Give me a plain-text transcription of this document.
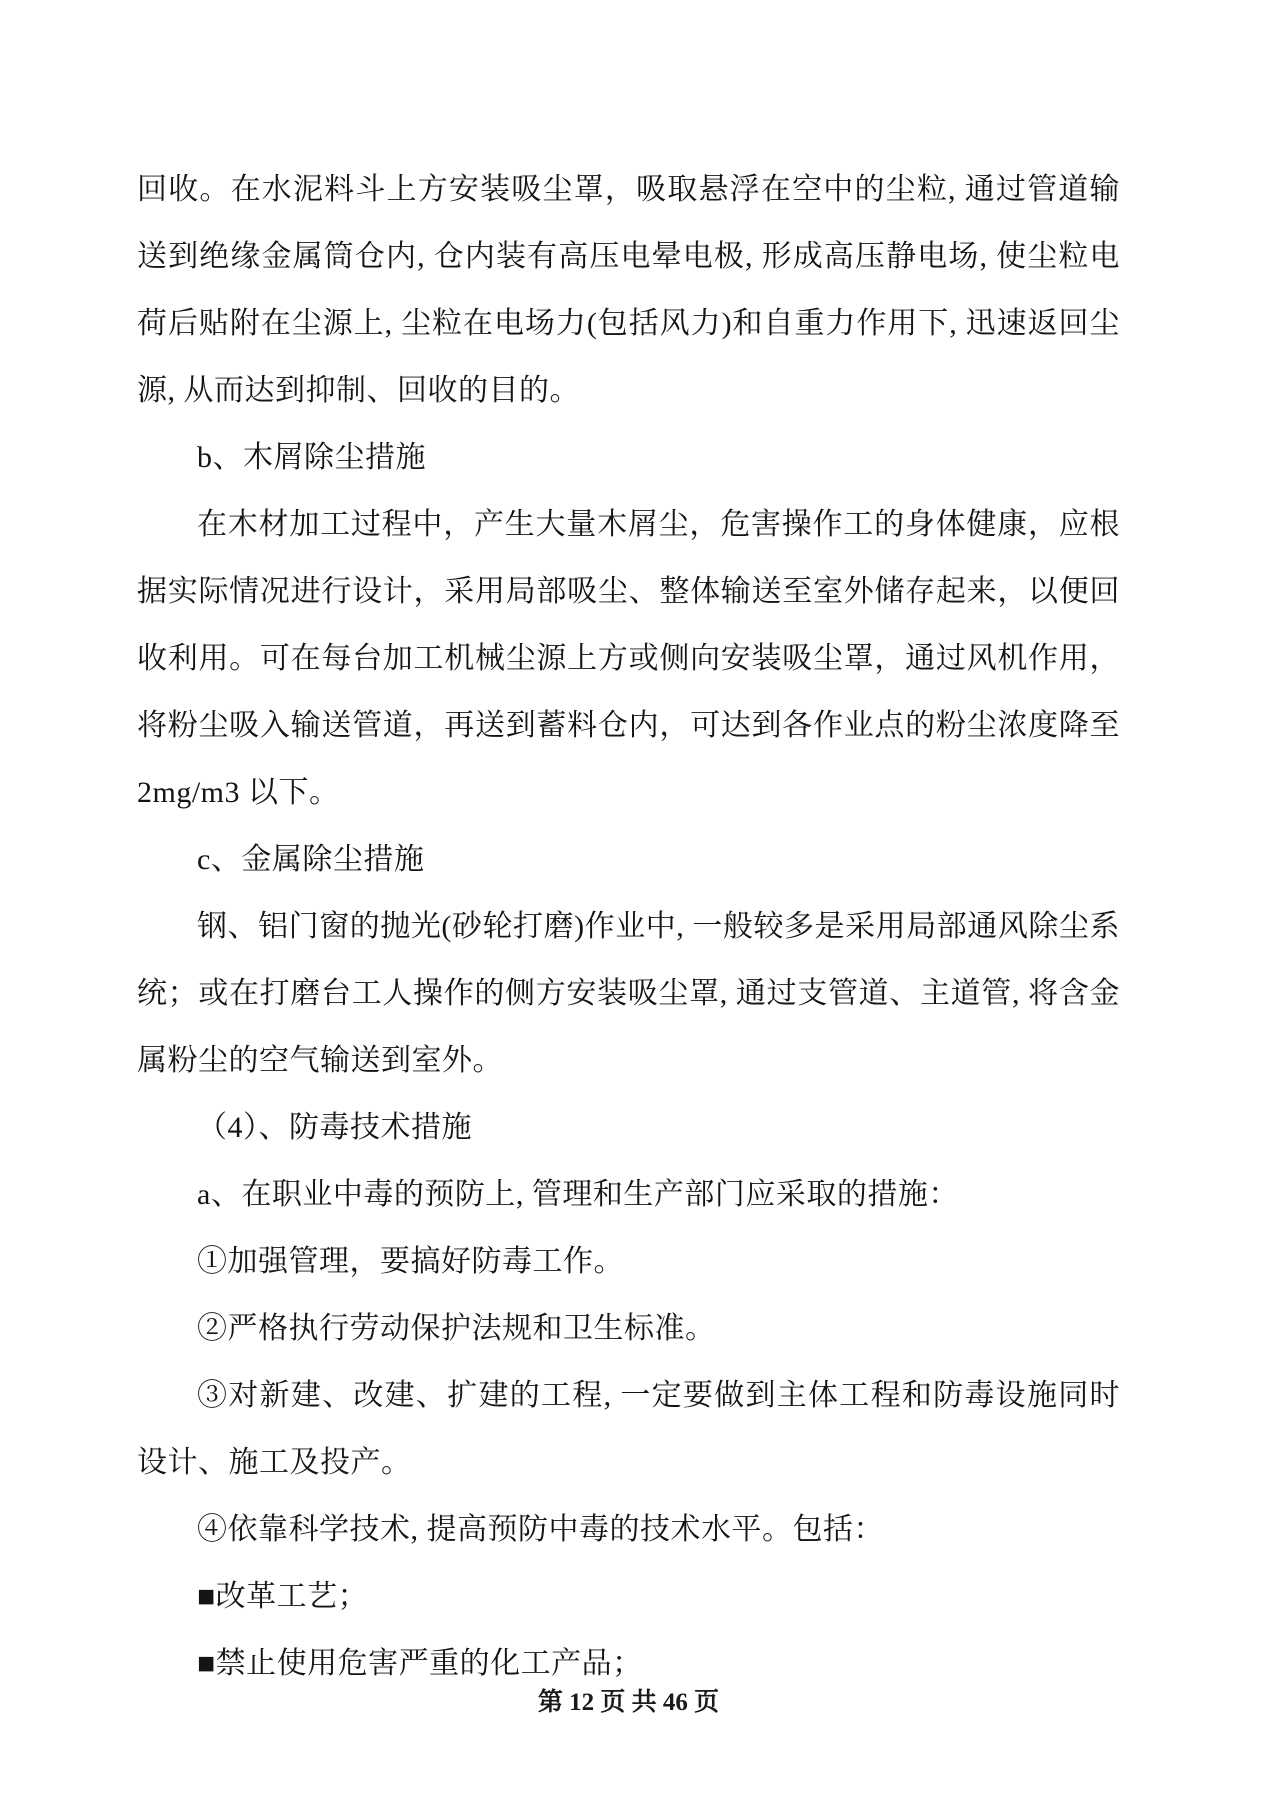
回收。在水泥料斗上方安装吸尘罩，吸取悬浮在空中的尘粒, 通过管道输送到绝缘金属筒仓内, 仓内装有高压电晕电极, 形成高压静电场, 使尘粒电荷后贴附在尘源上, 尘粒在电场力(包括风力)和自重力作用下, 迅速返回尘源, 从而达到抑制、回收的目的。

b、木屑除尘措施

在木材加工过程中，产生大量木屑尘，危害操作工的身体健康，应根据实际情况进行设计，采用局部吸尘、整体输送至室外储存起来，以便回收利用。可在每台加工机械尘源上方或侧向安装吸尘罩，通过风机作用，将粉尘吸入输送管道，再送到蓄料仓内，可达到各作业点的粉尘浓度降至 2mg/m3 以下。

c、金属除尘措施

钢、铝门窗的抛光(砂轮打磨)作业中, 一般较多是采用局部通风除尘系统；或在打磨台工人操作的侧方安装吸尘罩, 通过支管道、主道管, 将含金属粉尘的空气输送到室外。

（4）、防毒技术措施

a、在职业中毒的预防上, 管理和生产部门应采取的措施：

①加强管理，要搞好防毒工作。

②严格执行劳动保护法规和卫生标准。

③对新建、改建、扩建的工程, 一定要做到主体工程和防毒设施同时设计、施工及投产。

④依靠科学技术, 提高预防中毒的技术水平。包括：

■改革工艺；

■禁止使用危害严重的化工产品；

第 12 页 共 46 页
